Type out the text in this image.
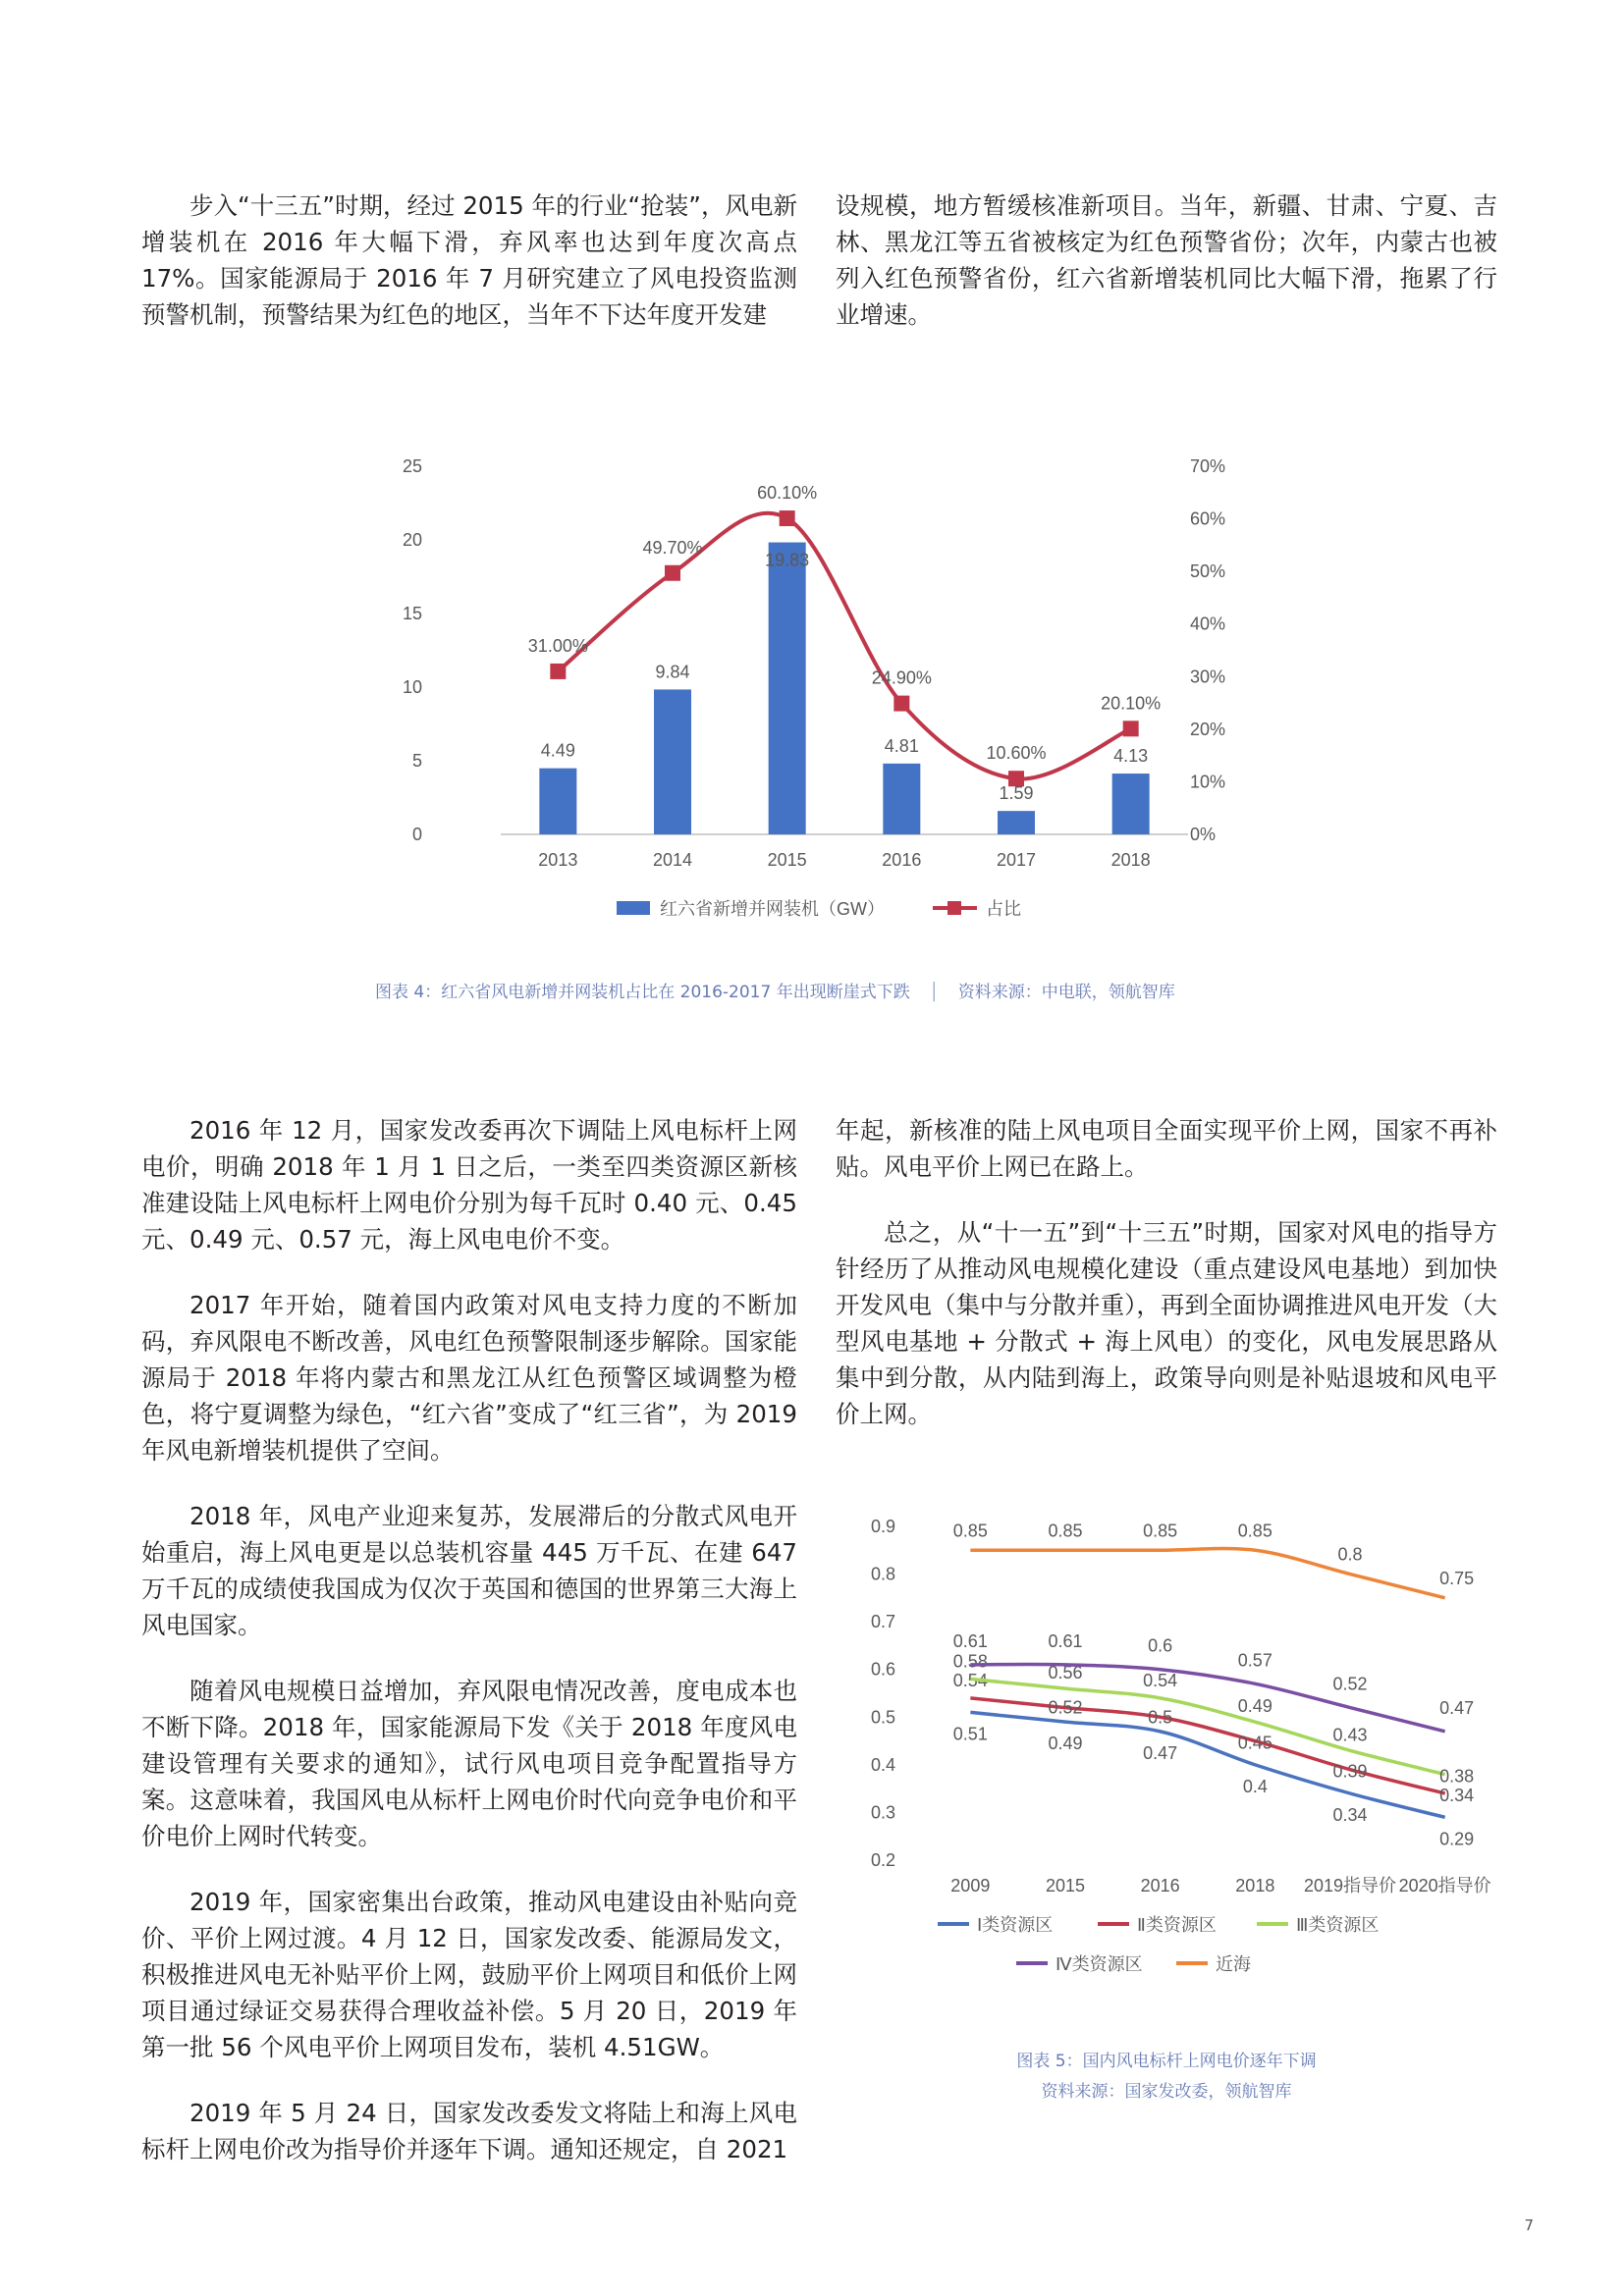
步入“十三五”时期，经过 2015 年的行业“抢装”，风电新增装机在 2016 年大幅下滑，弃风率也达到年度次高点 17%。国家能源局于 2016 年 7 月研究建立了风电投资监测预警机制，预警结果为红色的地区，当年不下达年度开发建

设规模，地方暂缓核准新项目。当年，新疆、甘肃、宁夏、吉林、黑龙江等五省被核定为红色预警省份；次年，内蒙古也被列入红色预警省份，红六省新增装机同比大幅下滑，拖累了行业增速。

0
5
10
15
20
25
0%
10%
20%
30%
40%
50%
60%
70%
2013	2014	2015	2016	2017	2018
4.49
9.84
19.83
4.81
1.59
4.13
31.00%
49.70%
60.10%
24.90%
10.60%
20.10%
红六省新增并网装机（GW）	占比
图表 4：红六省风电新增并网装机占比在 2016-2017 年出现断崖式下跌 │ 资料来源：中电联，领航智库

2016 年 12 月，国家发改委再次下调陆上风电标杆上网电价，明确 2018 年 1 月 1 日之后，一类至四类资源区新核准建设陆上风电标杆上网电价分别为每千瓦时 0.40 元、0.45 元、0.49 元、0.57 元，海上风电电价不变。

2017 年开始，随着国内政策对风电支持力度的不断加码，弃风限电不断改善，风电红色预警限制逐步解除。国家能源局于 2018 年将内蒙古和黑龙江从红色预警区域调整为橙色，将宁夏调整为绿色，“红六省”变成了“红三省”，为 2019 年风电新增装机提供了空间。

2018 年，风电产业迎来复苏，发展滞后的分散式风电开始重启，海上风电更是以总装机容量 445 万千瓦、在建 647 万千瓦的成绩使我国成为仅次于英国和德国的世界第三大海上风电国家。

随着风电规模日益增加，弃风限电情况改善，度电成本也不断下降。2018 年，国家能源局下发《关于 2018 年度风电建设管理有关要求的通知》，试行风电项目竞争配置指导方案。这意味着，我国风电从标杆上网电价时代向竞争电价和平价电价上网时代转变。

2019 年，国家密集出台政策，推动风电建设由补贴向竞价、平价上网过渡。4 月 12 日，国家发改委、能源局发文，积极推进风电无补贴平价上网，鼓励平价上网项目和低价上网项目通过绿证交易获得合理收益补偿。5 月 20 日，2019 年第一批 56 个风电平价上网项目发布，装机 4.51GW。

2019 年 5 月 24 日，国家发改委发文将陆上和海上风电标杆上网电价改为指导价并逐年下调。通知还规定，自 2021

年起，新核准的陆上风电项目全面实现平价上网，国家不再补贴。风电平价上网已在路上。

总之，从“十一五”到“十三五”时期，国家对风电的指导方针经历了从推动风电规模化建设（重点建设风电基地）到加快开发风电（集中与分散并重），再到全面协调推进风电开发（大型风电基地 + 分散式 + 海上风电）的变化，风电发展思路从集中到分散，从内陆到海上，政策导向则是补贴退坡和风电平价上网。

0.2
0.3
0.4
0.5
0.6
0.7
0.8
0.9
2009	2015	2016	2018 2019指导价 2020指导价
0.51	0.49	0.47
0.4
0.34
0.29
0.54
0.52	0.5
0.45
0.39
0.34
0.58
0.56	0.54
0.49
0.43
0.38
0.61	0.61	0.6
0.57
0.52
0.47
0.85	0.85	0.85	0.85
0.8
0.75
Ⅰ类资源区	Ⅱ类资源区	Ⅲ类资源区
Ⅳ类资源区	近海
图表 5：国内风电标杆上网电价逐年下调
资料来源：国家发改委，领航智库
7
